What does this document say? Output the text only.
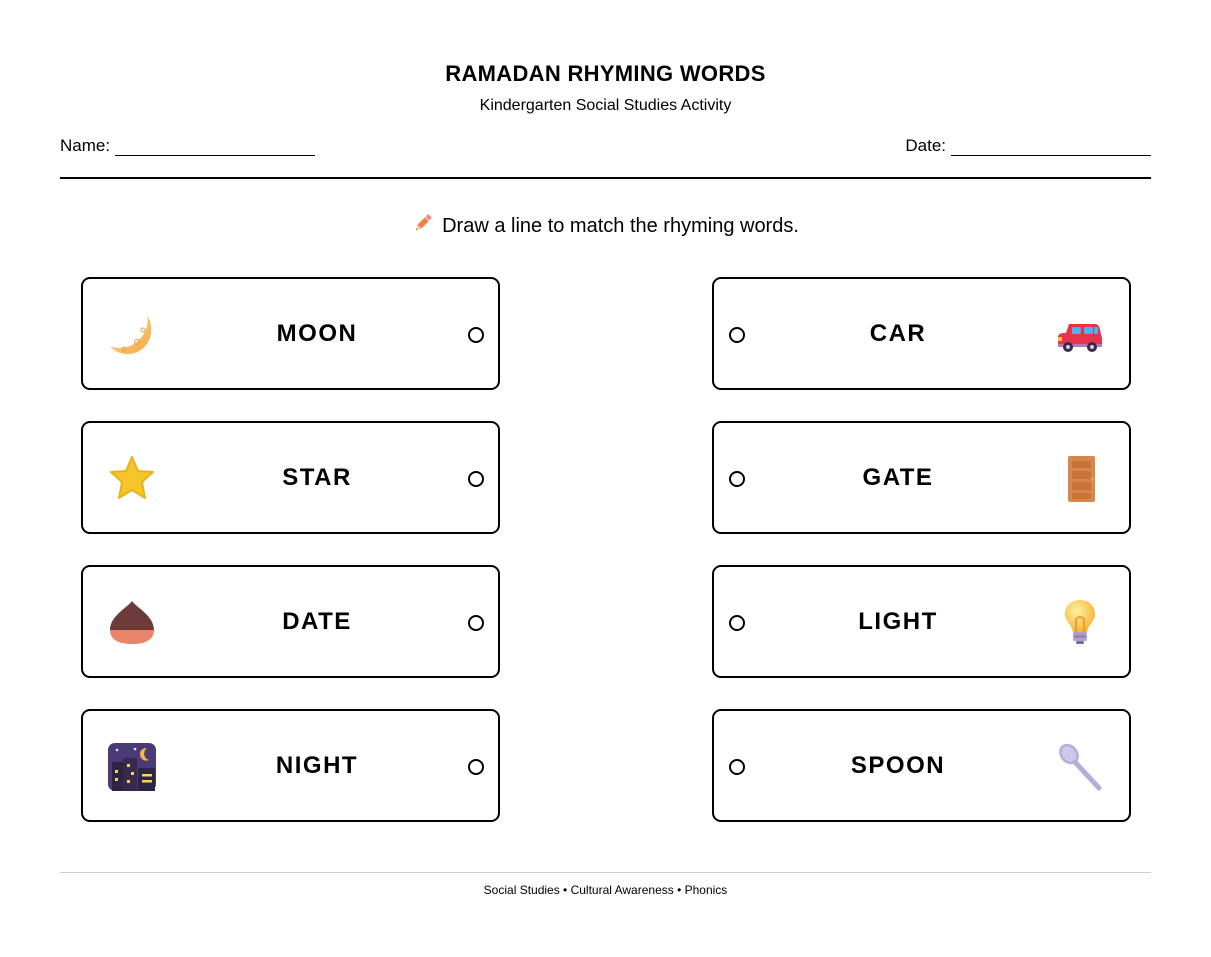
RAMADAN RHYMING WORDS
Kindergarten Social Studies Activity
Name:	Date:
Draw a line to match the rhyming words.
MOON
STAR
DATE
NIGHT
CAR
GATE
LIGHT
SPOON
Social Studies • Cultural Awareness • Phonics
